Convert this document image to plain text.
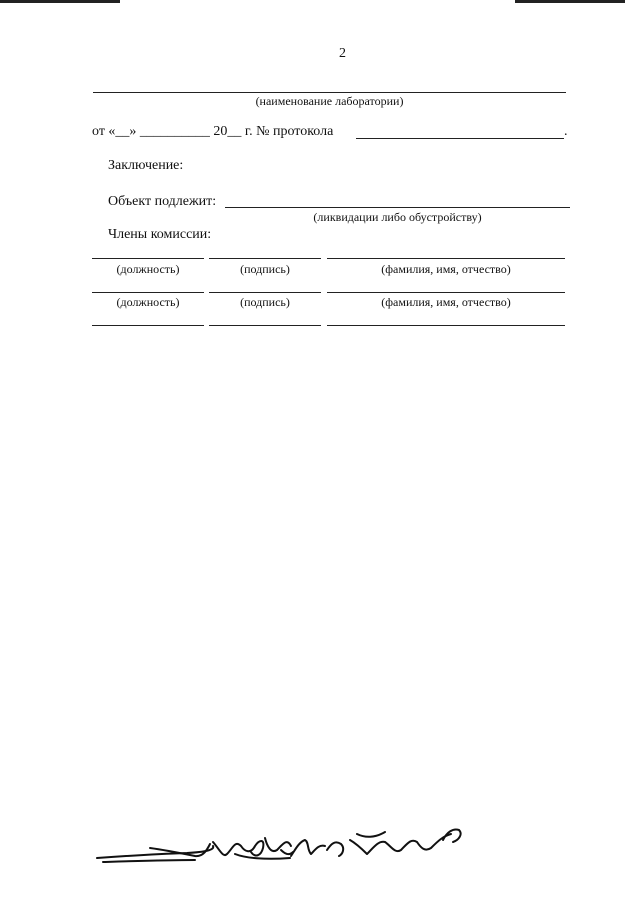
2
(наименование лаборатории)
от «__» __________ 20__ г. № протокола	.
Заключение:
Объект подлежит:
(ликвидации либо обустройству)
Члены комиссии:
(должность)	(подпись)	(фамилия, имя, отчество)
(должность)	(подпись)	(фамилия, имя, отчество)
